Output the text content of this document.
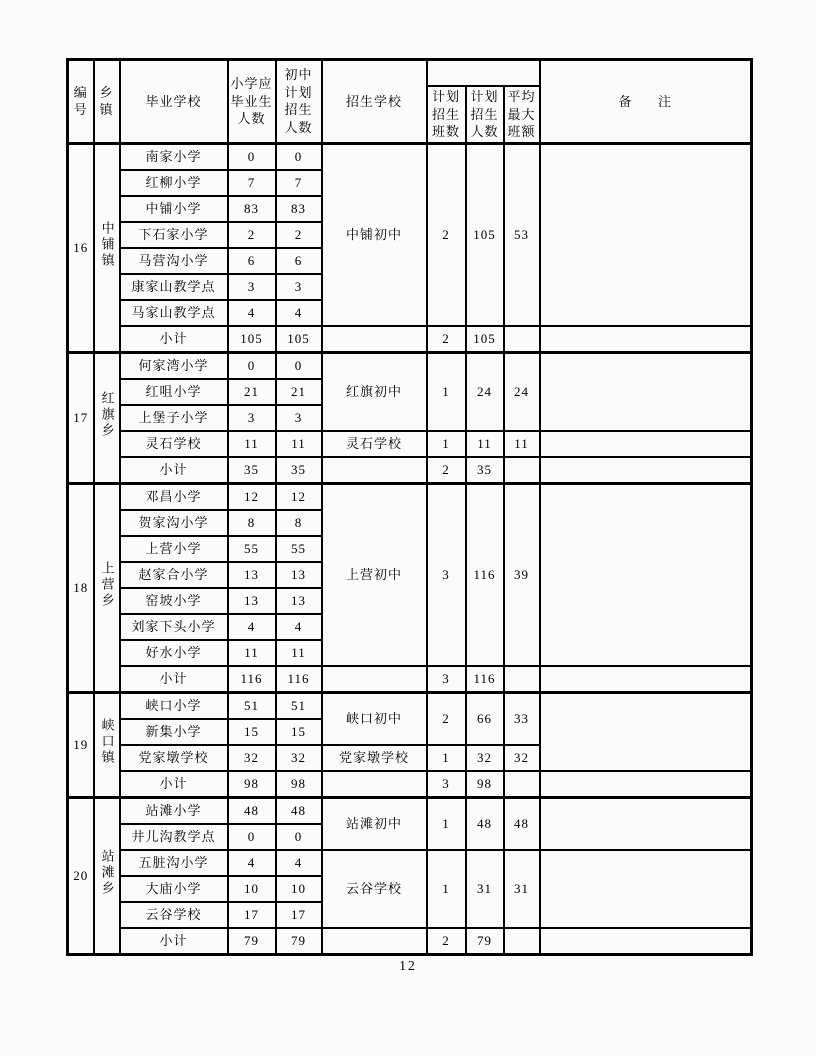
编号	乡镇	毕业学校	小学应毕业生人数	初中计划招生人数	招生学校				备      注
						计划招生班数	计划招生人数	平均最大班额	
16	中铺镇	南家小学	0	0	中铺初中	2	105	53	
		红柳小学	7	7					
		中铺小学	83	83					
		下石家小学	2	2					
		马营沟小学	6	6					
		康家山教学点	3	3					
		马家山教学点	4	4					
		小计	105	105		2	105		
17	红旗乡	何家湾小学	0	0	红旗初中	1	24	24	
		红咀小学	21	21					
		上堡子小学	3	3					
		灵石学校	11	11	灵石学校	1	11	11	
		小计	35	35		2	35		
18	上营乡	邓昌小学	12	12	上营初中	3	116	39	
		贺家沟小学	8	8					
		上营小学	55	55					
		赵家合小学	13	13					
		窑坡小学	13	13					
		刘家下头小学	4	4					
		好水小学	11	11					
		小计	116	116		3	116		
19	峡口镇	峡口小学	51	51	峡口初中	2	66	33	
		新集小学	15	15					
		党家墩学校	32	32	党家墩学校	1	32	32	
		小计	98	98		3	98		
20	站滩乡	站滩小学	48	48	站滩初中	1	48	48	
		井儿沟教学点	0	0					
		五脏沟小学	4	4	云谷学校	1	31	31	
		大庙小学	10	10					
		云谷学校	17	17					
		小计	79	79		2	79		
12
